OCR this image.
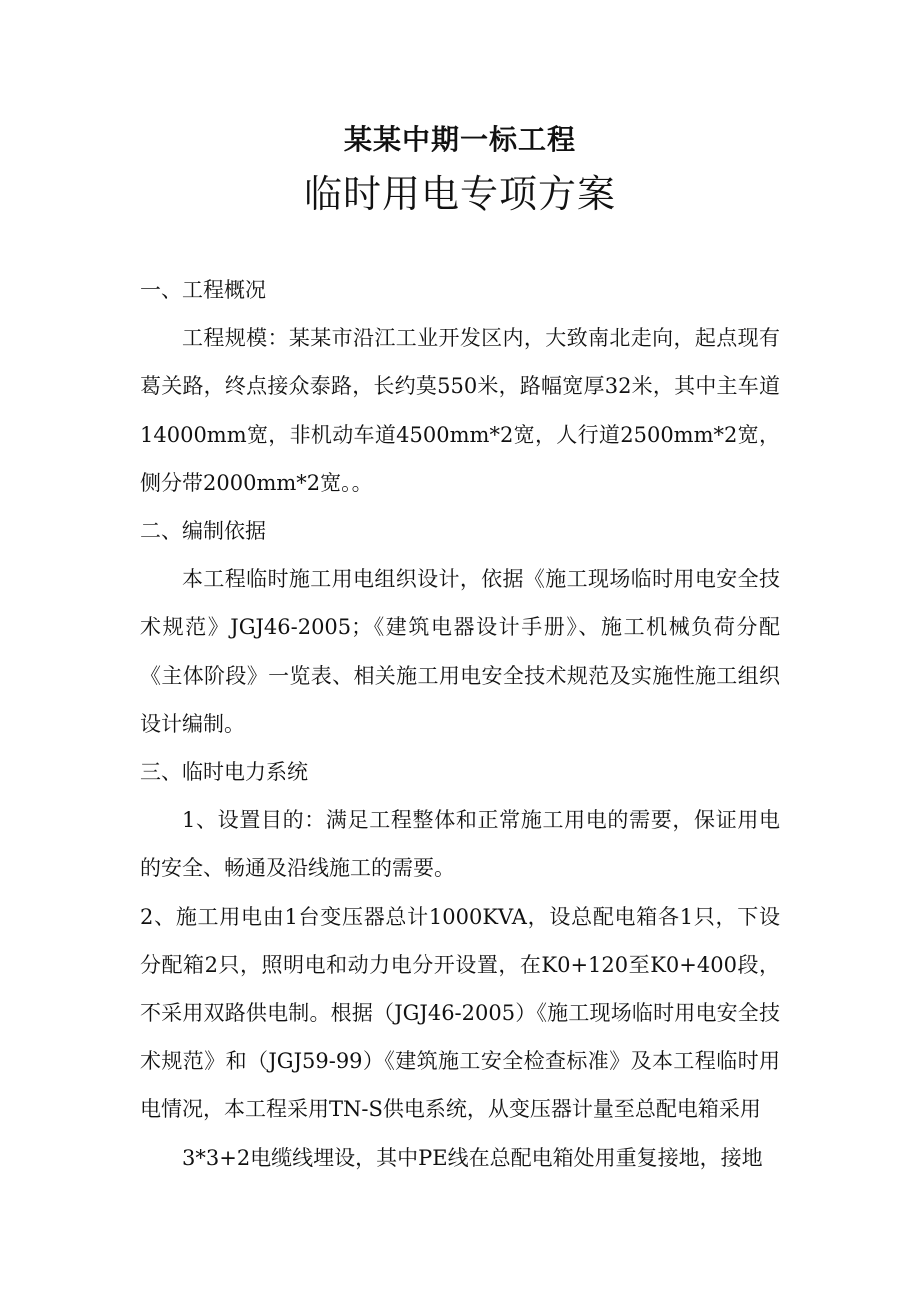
某某中期一标工程
临时用电专项方案

一、工程概况

工程规模：某某市沿江工业开发区内，大致南北走向，起点现有葛关路，终点接众泰路，长约莫550米，路幅宽厚32米，其中主车道14000mm宽，非机动车道4500mm*2宽，人行道2500mm*2宽，侧分带2000mm*2宽。。

二、编制依据

本工程临时施工用电组织设计，依据《施工现场临时用电安全技术规范》JGJ46-2005；《建筑电器设计手册》、施工机械负荷分配《主体阶段》一览表、相关施工用电安全技术规范及实施性施工组织设计编制。

三、临时电力系统

1、设置目的：满足工程整体和正常施工用电的需要，保证用电的安全、畅通及沿线施工的需要。

2、施工用电由1台变压器总计1000KVA，设总配电箱各1只，下设分配箱2只，照明电和动力电分开设置，在K0+120至K0+400段，不采用双路供电制。根据（JGJ46-2005）《施工现场临时用电安全技术规范》和（JGJ59-99）《建筑施工安全检查标准》及本工程临时用电情况，本工程采用TN-S供电系统，从变压器计量至总配电箱采用

3*3+2电缆线埋设，其中PE线在总配电箱处用重复接地，接地
